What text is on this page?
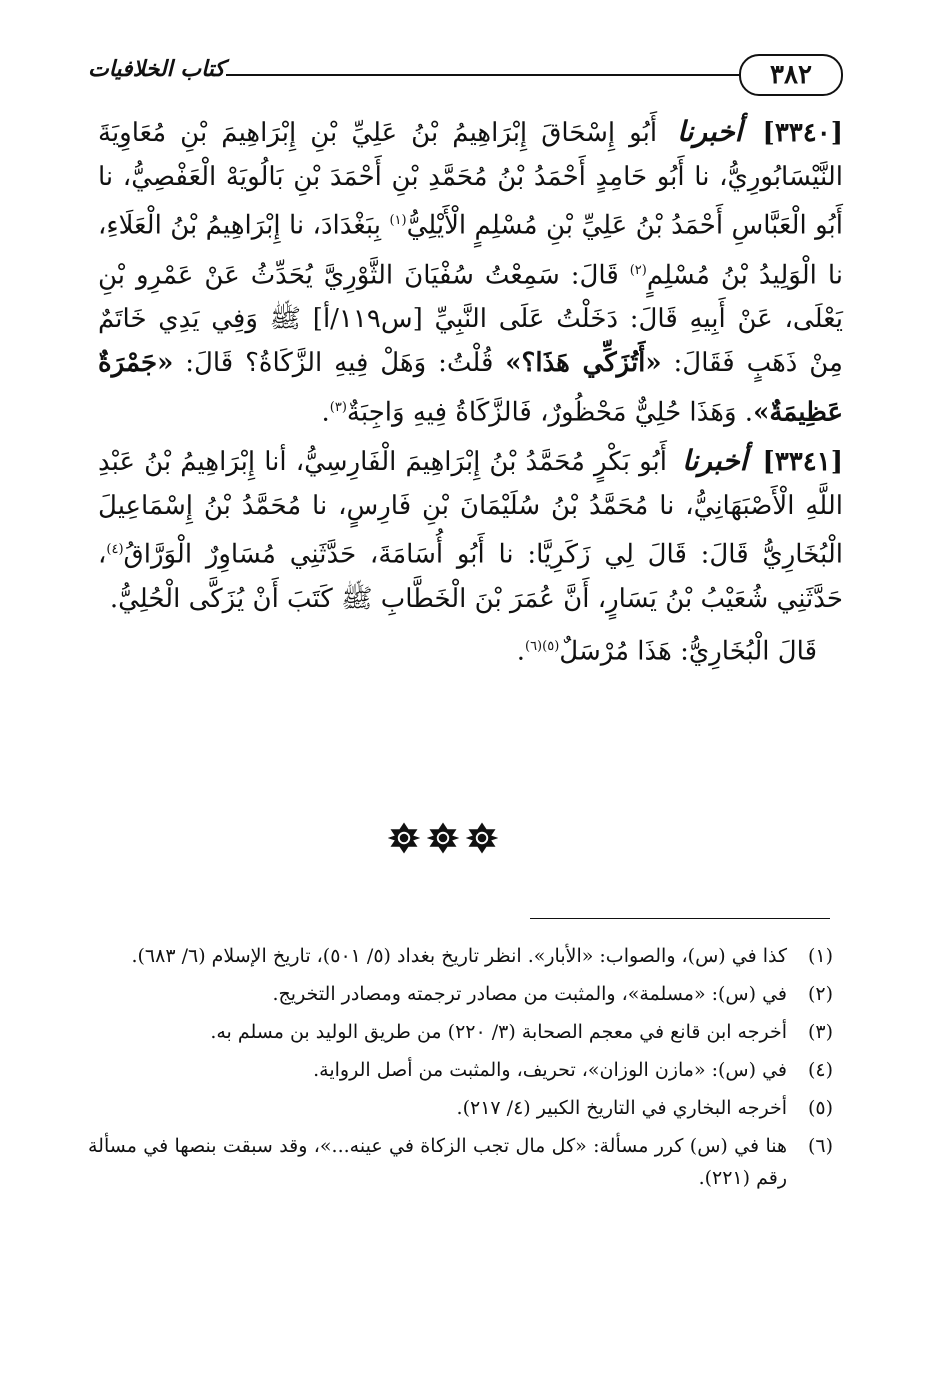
٣٨٢
كتاب الخلافيات

[٣٣٤٠] أخبرنا أَبُو إِسْحَاقَ إِبْرَاهِيمُ بْنُ عَلِيِّ بْنِ إِبْرَاهِيمَ بْنِ مُعَاوِيَةَ النَّيْسَابُورِيُّ، نا أَبُو حَامِدٍ أَحْمَدُ بْنُ مُحَمَّدِ بْنِ أَحْمَدَ بْنِ بَالُويَهْ الْعَفْصِيُّ، نا أَبُو الْعَبَّاسِ أَحْمَدُ بْنُ عَلِيِّ بْنِ مُسْلِمٍ الْأَيْلِيُّ$^{(١)}$ بِبَغْدَادَ، نا إِبْرَاهِيمُ بْنُ الْعَلَاءِ، نا الْوَلِيدُ بْنُ مُسْلِمٍ$^{(٢)}$ قَالَ: سَمِعْتُ سُفْيَانَ الثَّوْرِيَّ يُحَدِّثُ عَنْ عَمْرِو بْنِ يَعْلَى، عَنْ أَبِيهِ قَالَ: دَخَلْتُ عَلَى النَّبِيِّ [س١١٩/أ] ﷺ وَفِي يَدِي خَاتَمٌ مِنْ ذَهَبٍ فَقَالَ: «أَتُزَكِّي هَذَا؟» قُلْتُ: وَهَلْ فِيهِ الزَّكَاةُ؟ قَالَ: «جَمْرَةٌ عَظِيمَةٌ». وَهَذَا حُلِيٌّ مَحْظُورٌ، فَالزَّكَاةُ فِيهِ وَاجِبَةٌ$^{(٣)}$.

[٣٣٤١] أخبرنا أَبُو بَكْرٍ مُحَمَّدُ بْنُ إِبْرَاهِيمَ الْفَارِسِيُّ، أنا إِبْرَاهِيمُ بْنُ عَبْدِ اللَّهِ الْأَصْبَهَانِيُّ، نا مُحَمَّدُ بْنُ سُلَيْمَانَ بْنِ فَارِسٍ، نا مُحَمَّدُ بْنُ إِسْمَاعِيلَ الْبُخَارِيُّ قَالَ: قَالَ لِي زَكَرِيَّا: نا أَبُو أُسَامَةَ، حَدَّثَنِي مُسَاوِرٌ الْوَرَّاقُ$^{(٤)}$، حَدَّثَنِي شُعَيْبُ بْنُ يَسَارٍ، أَنَّ عُمَرَ بْنَ الْخَطَّابِ ﷺ كَتَبَ أَنْ يُزَكَّى الْحُلِيُّ.

قَالَ الْبُخَارِيُّ: هَذَا مُرْسَلٌ$^{(٥)(٦)}$.

(١)
كذا في (س)، والصواب: «الأبار». انظر تاريخ بغداد (٥/ ٥٠١)، تاريخ الإسلام (٦/ ٦٨٣).
(٢)
في (س): «مسلمة»، والمثبت من مصادر ترجمته ومصادر التخريج.
(٣)
أخرجه ابن قانع في معجم الصحابة (٣/ ٢٢٠) من طريق الوليد بن مسلم به.
(٤)
في (س): «مازن الوزان»، تحريف، والمثبت من أصل الرواية.
(٥)
أخرجه البخاري في التاريخ الكبير (٤/ ٢١٧).
(٦)
هنا في (س) كرر مسألة: «كل مال تجب الزكاة في عينه...»، وقد سبقت بنصها في مسألة رقم (٢٢١).
